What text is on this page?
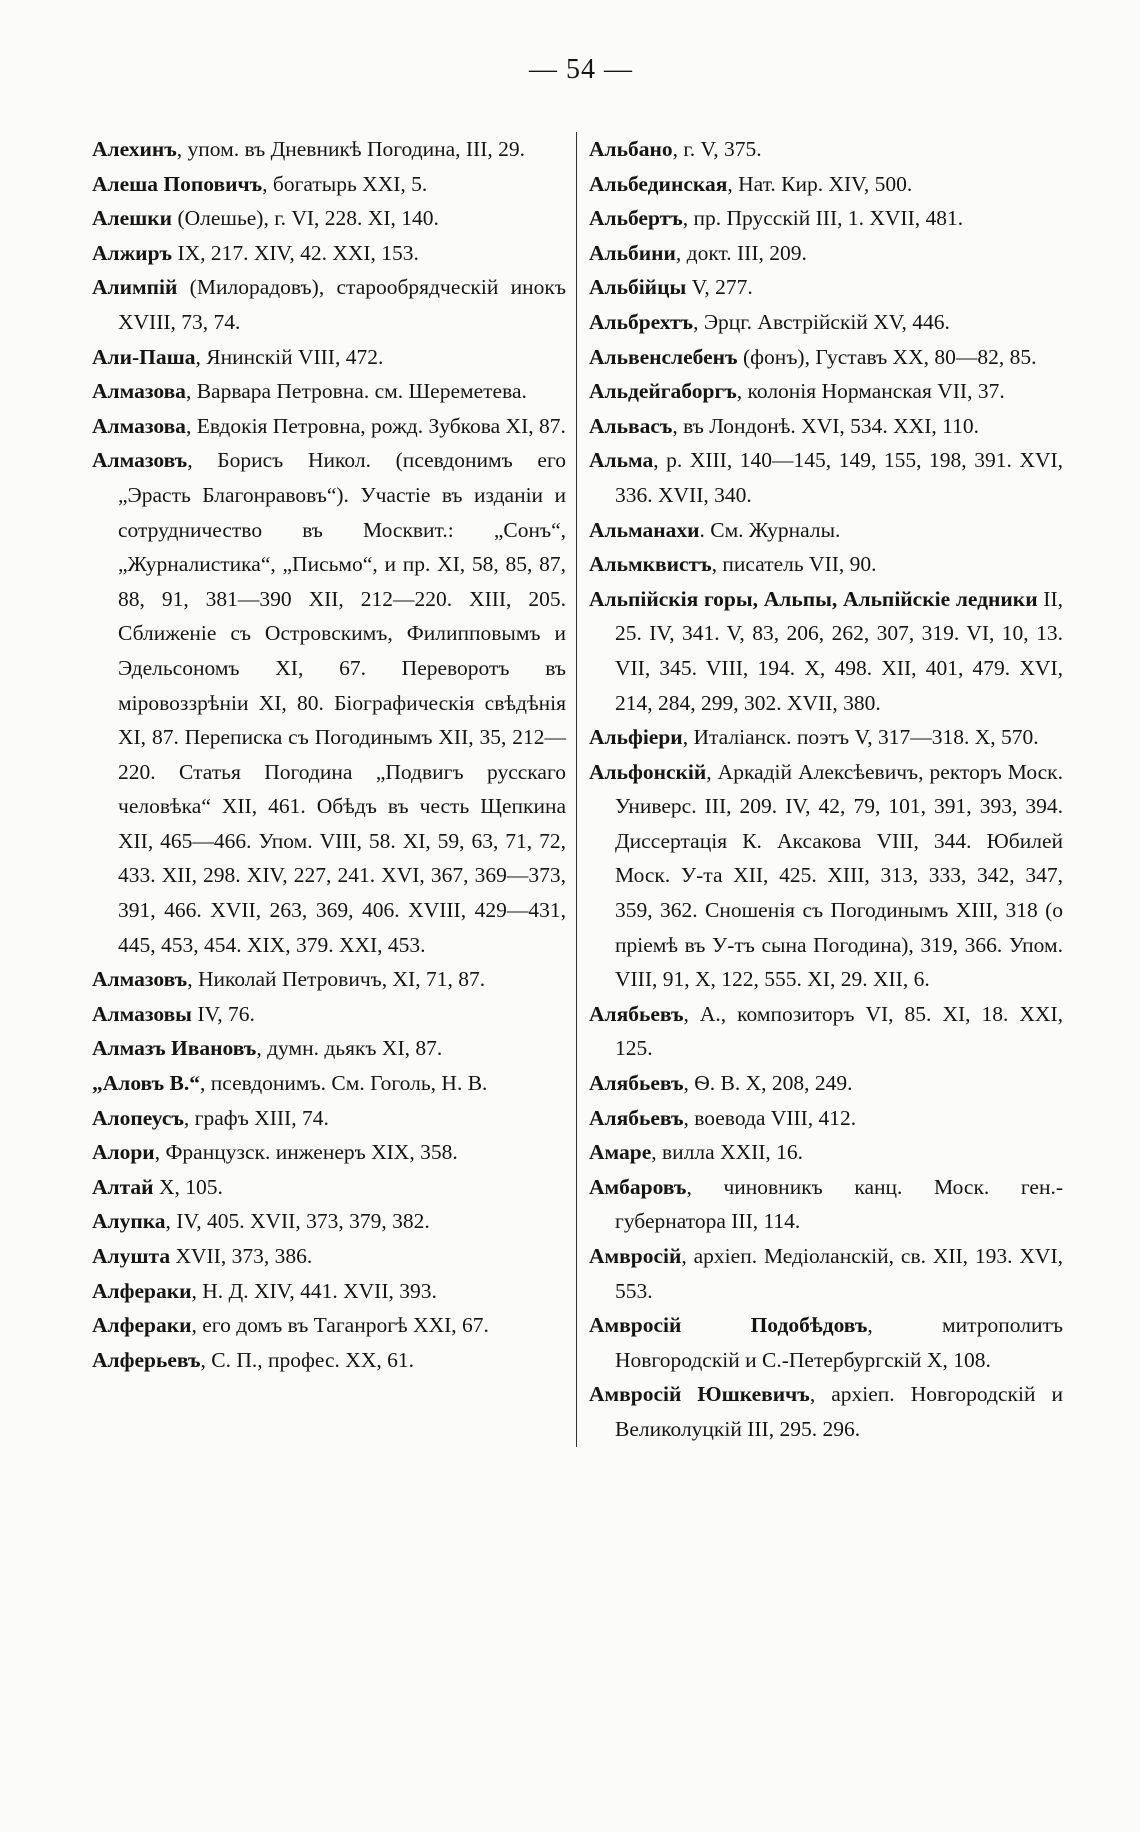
— 54 —

Алехинъ, упом. въ Дневникѣ Погодина, III, 29.

Алеша Поповичъ, богатырь XXI, 5.

Алешки (Олешье), г. VI, 228. XI, 140.

Алжиръ IX, 217. XIV, 42. XXI, 153.

Алимпій (Милорадовъ), старообрядческій инокъ XVIII, 73, 74.

Али-Паша, Янинскій VIII, 472.

Алмазова, Варвара Петровна. см. Шереметева.

Алмазова, Евдокія Петровна, рожд. Зубкова XI, 87.

Алмазовъ, Борисъ Никол. (псевдонимъ его „Эрасть Благонравовъ“). Участіе въ изданіи и сотрудничество въ Москвит.: „Сонъ“, „Журналистика“, „Письмо“, и пр. XI, 58, 85, 87, 88, 91, 381—390 XII, 212—220. XIII, 205. Сближеніе съ Островскимъ, Филипповымъ и Эдельсономъ XI, 67. Переворотъ въ міровоззрѣніи XI, 80. Біографическія свѣдѣнія XI, 87. Переписка съ Погодинымъ XII, 35, 212—220. Статья Погодина „Подвигъ русскаго человѣка“ XII, 461. Обѣдъ въ честь Щепкина XII, 465—466. Упом. VIII, 58. XI, 59, 63, 71, 72, 433. XII, 298. XIV, 227, 241. XVI, 367, 369—373, 391, 466. XVII, 263, 369, 406. XVIII, 429—431, 445, 453, 454. XIX, 379. XXI, 453.

Алмазовъ, Николай Петровичъ, XI, 71, 87.

Алмазовы IV, 76.

Алмазъ Ивановъ, думн. дьякъ XI, 87.

„Аловъ В.“, псевдонимъ. См. Гоголь, Н. В.

Алопеусъ, графъ XIII, 74.

Алори, Французск. инженеръ XIX, 358.

Алтай X, 105.

Алупка, IV, 405. XVII, 373, 379, 382.

Алушта XVII, 373, 386.

Алфераки, Н. Д. XIV, 441. XVII, 393.

Алфераки, его домъ въ Таганрогѣ XXI, 67.

Алферьевъ, С. П., профес. XX, 61.

Альбано, г. V, 375.

Альбединская, Нат. Кир. XIV, 500.

Альбертъ, пр. Прусскій III, 1. XVII, 481.

Альбини, докт. III, 209.

Альбійцы V, 277.

Альбрехтъ, Эрцг. Австрійскій XV, 446.

Альвенслебенъ (фонъ), Густавъ XX, 80—82, 85.

Альдейгаборгъ, колонія Норманская VII, 37.

Альвасъ, въ Лондонѣ. XVI, 534. XXI, 110.

Альма, р. XIII, 140—145, 149, 155, 198, 391. XVI, 336. XVII, 340.

Альманахи. См. Журналы.

Альмквистъ, писатель VII, 90.

Альпійскія горы, Альпы, Альпійскіе ледники II, 25. IV, 341. V, 83, 206, 262, 307, 319. VI, 10, 13. VII, 345. VIII, 194. X, 498. XII, 401, 479. XVI, 214, 284, 299, 302. XVII, 380.

Альфіери, Италіанск. поэтъ V, 317—318. X, 570.

Альфонскій, Аркадій Алексѣевичъ, ректоръ Моск. Универс. III, 209. IV, 42, 79, 101, 391, 393, 394. Диссертація К. Аксакова VIII, 344. Юбилей Моск. У-та XII, 425. XIII, 313, 333, 342, 347, 359, 362. Сношенія съ Погодинымъ XIII, 318 (о пріемѣ въ У-тъ сына Погодина), 319, 366. Упом. VIII, 91, X, 122, 555. XI, 29. XII, 6.

Алябьевъ, А., композиторъ VI, 85. XI, 18. XXI, 125.

Алябьевъ, Ѳ. В. X, 208, 249.

Алябьевъ, воевода VIII, 412.

Амаре, вилла XXII, 16.

Амбаровъ, чиновникъ канц. Моск. ген.-губернатора III, 114.

Амвросій, архіеп. Медіоланскій, св. XII, 193. XVI, 553.

Амвросій Подобѣдовъ, митрополитъ Новгородскій и С.-Петербургскій X, 108.

Амвросій Юшкевичъ, архіеп. Новгородскій и Великолуцкій III, 295. 296.
